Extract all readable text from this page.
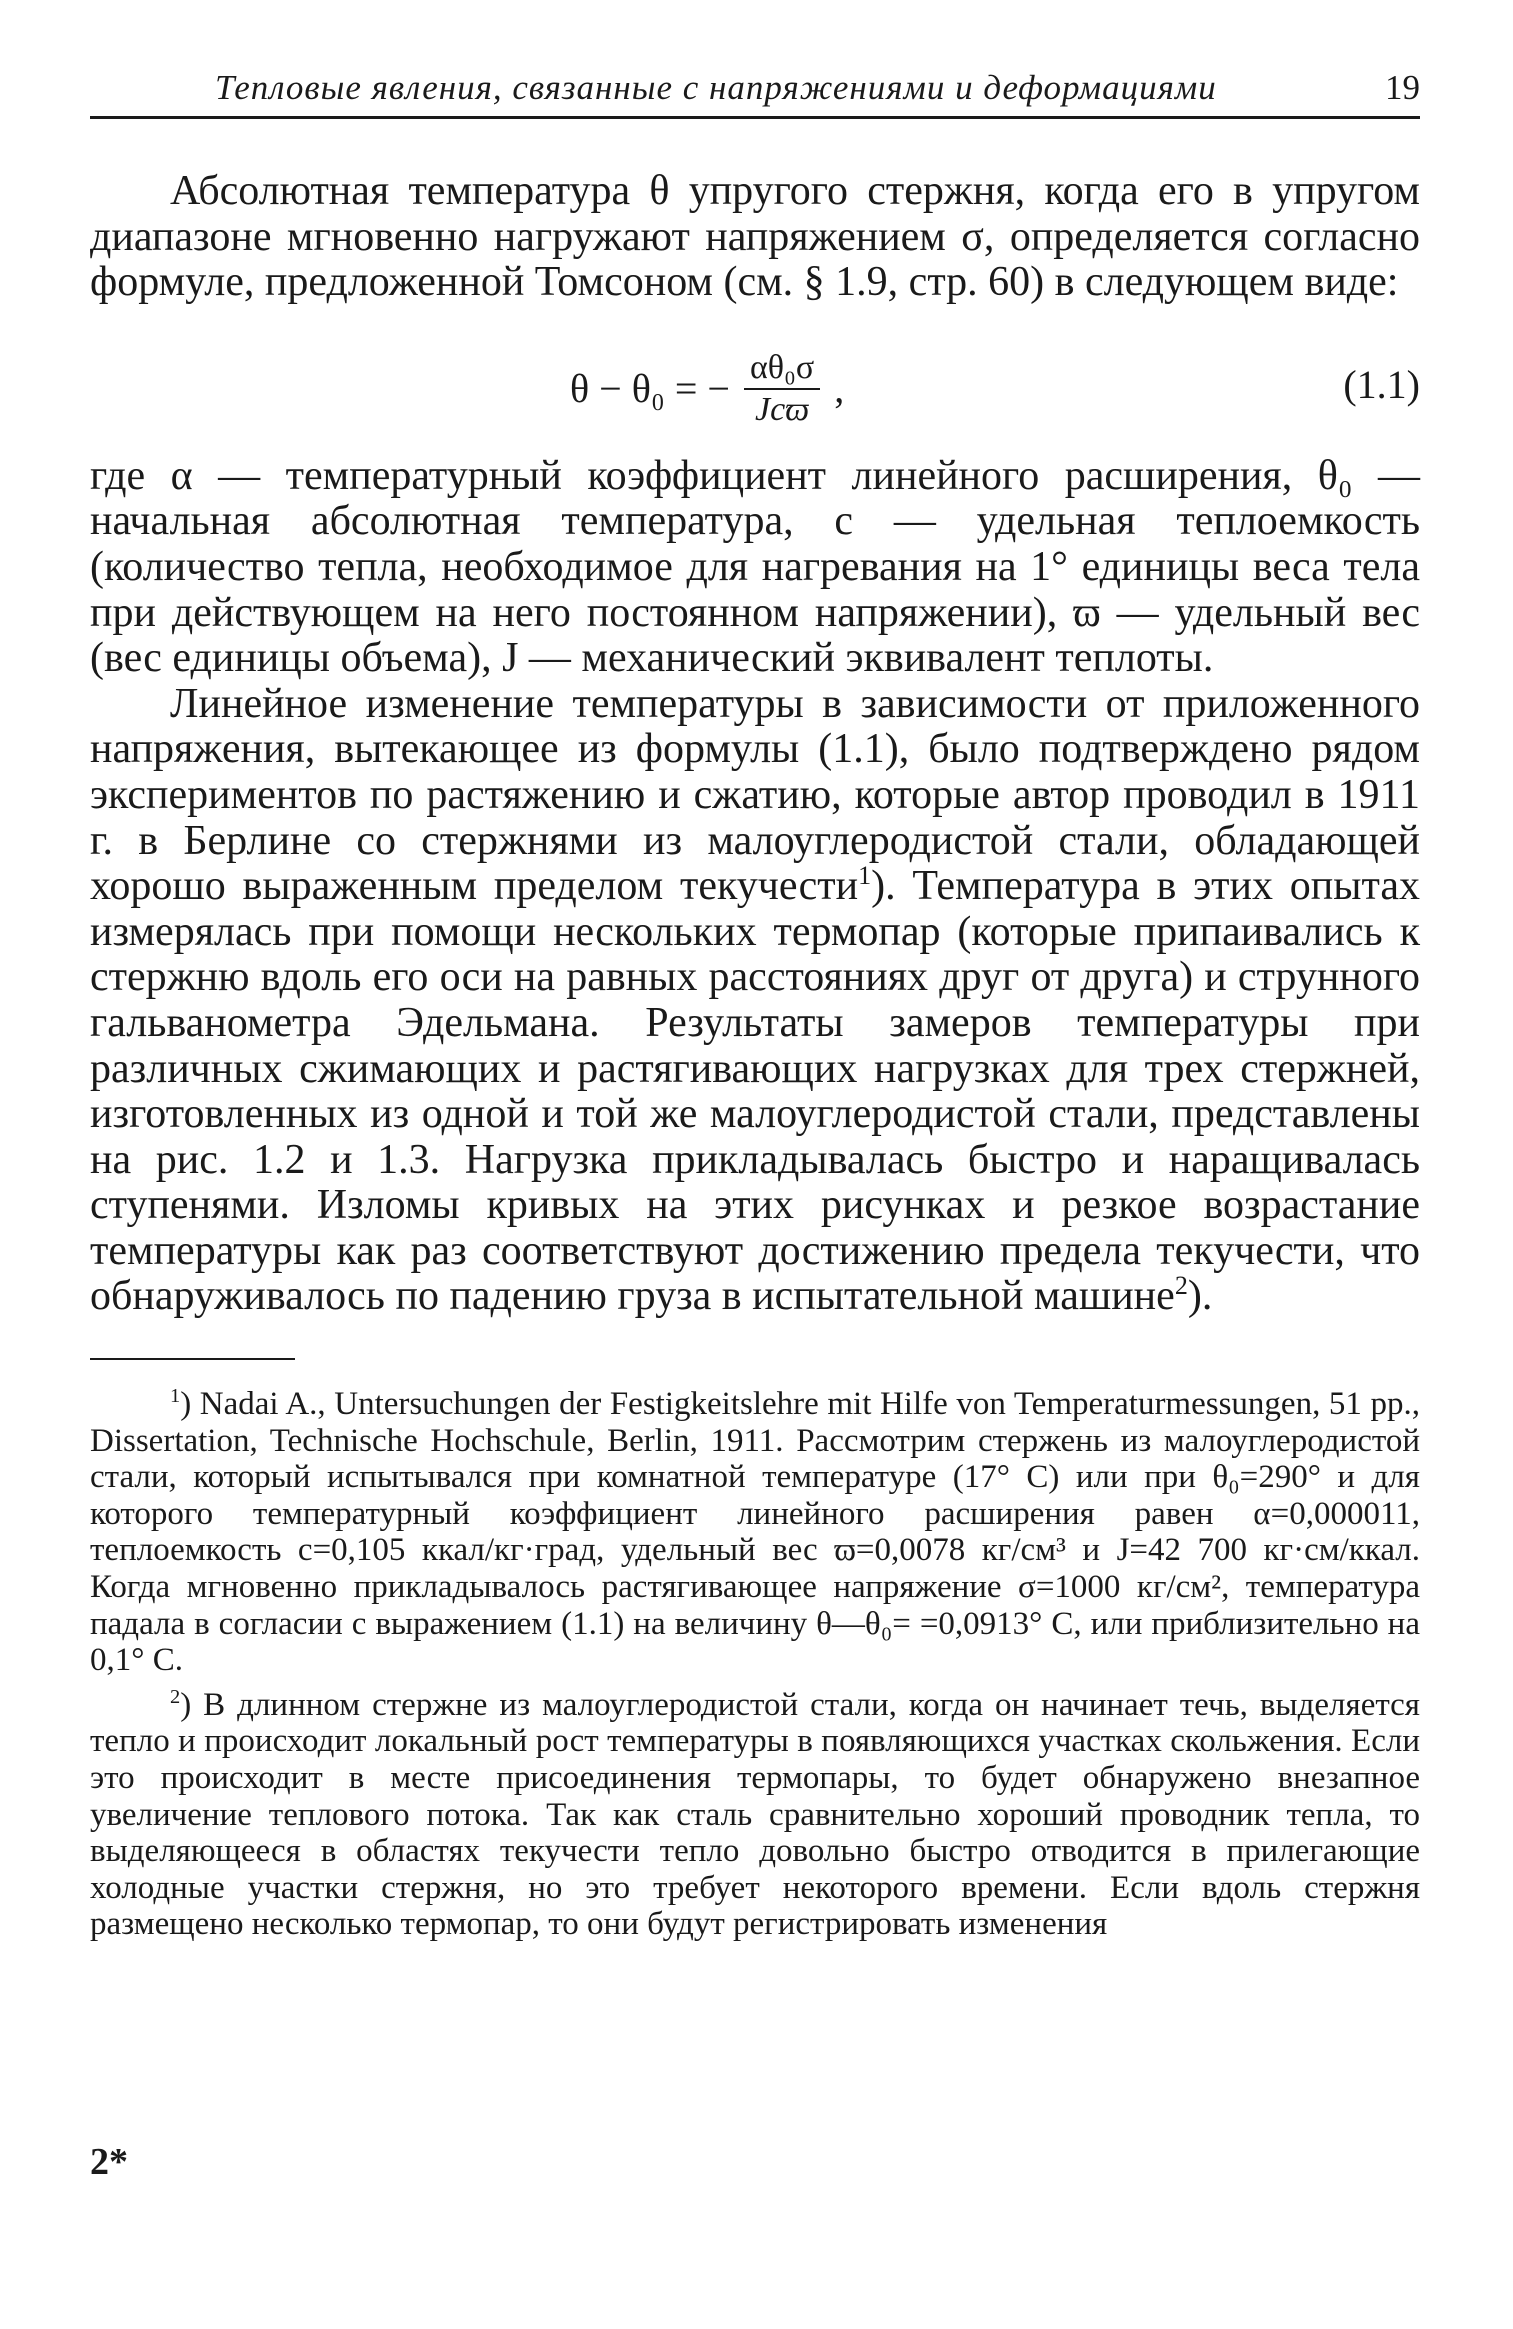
Тепловые явления, связанные с напряжениями и деформациями	19

Абсолютная температура θ упругого стержня, когда его в упругом диапазоне мгновенно нагружают напряжением σ, определяется согласно формуле, предложенной Томсоном (см. § 1.9, стр. 60) в следующем виде:

θ − θ₀ = − $\frac{\text{αθ₀σ}}{\text{Jcϖ}}$ ,	(1.1)

где α — температурный коэффициент линейного расширения, θ₀ — начальная абсолютная температура, c — удельная теплоемкость (количество тепла, необходимое для нагревания на 1° единицы веса тела при действующем на него постоянном напряжении), ϖ — удельный вес (вес единицы объема), J — механический эквивалент теплоты.

Линейное изменение температуры в зависимости от приложенного напряжения, вытекающее из формулы (1.1), было подтверждено рядом экспериментов по растяжению и сжатию, которые автор проводил в 1911 г. в Берлине со стержнями из малоуглеродистой стали, обладающей хорошо выраженным пределом текучести$^1$). Температура в этих опытах измерялась при помощи нескольких термопар (которые припаивались к стержню вдоль его оси на равных расстояниях друг от друга) и струнного гальванометра Эдельмана. Результаты замеров температуры при различных сжимающих и растягивающих нагрузках для трех стержней, изготовленных из одной и той же малоуглеродистой стали, представлены на рис. 1.2 и 1.3. Нагрузка прикладывалась быстро и наращивалась ступенями. Изломы кривых на этих рисунках и резкое возрастание температуры как раз соответствуют достижению предела текучести, что обнаруживалось по падению груза в испытательной машине$^2$).

$^1$) Nadai A., Untersuchungen der Festigkeitslehre mit Hilfe von Temperaturmessungen, 51 pp., Dissertation, Technische Hochschule, Berlin, 1911. Рассмотрим стержень из малоуглеродистой стали, который испытывался при комнатной температуре (17° C) или при θ₀=290° и для которого температурный коэффициент линейного расширения равен α=0,000011, теплоемкость c=0,105 ккал/кг·град, удельный вес ϖ=0,0078 кг/см³ и J=42 700 кг·см/ккал. Когда мгновенно прикладывалось растягивающее напряжение σ=1000 кг/см², температура падала в согласии с выражением (1.1) на величину θ—θ₀= =0,0913° C, или приблизительно на 0,1° C.

$^2$) В длинном стержне из малоуглеродистой стали, когда он начинает течь, выделяется тепло и происходит локальный рост температуры в появляющихся участках скольжения. Если это происходит в месте присоединения термопары, то будет обнаружено внезапное увеличение теплового потока. Так как сталь сравнительно хороший проводник тепла, то выделяющееся в областях текучести тепло довольно быстро отводится в прилегающие холодные участки стержня, но это требует некоторого времени. Если вдоль стержня размещено несколько термопар, то они будут регистрировать изменения

2*
